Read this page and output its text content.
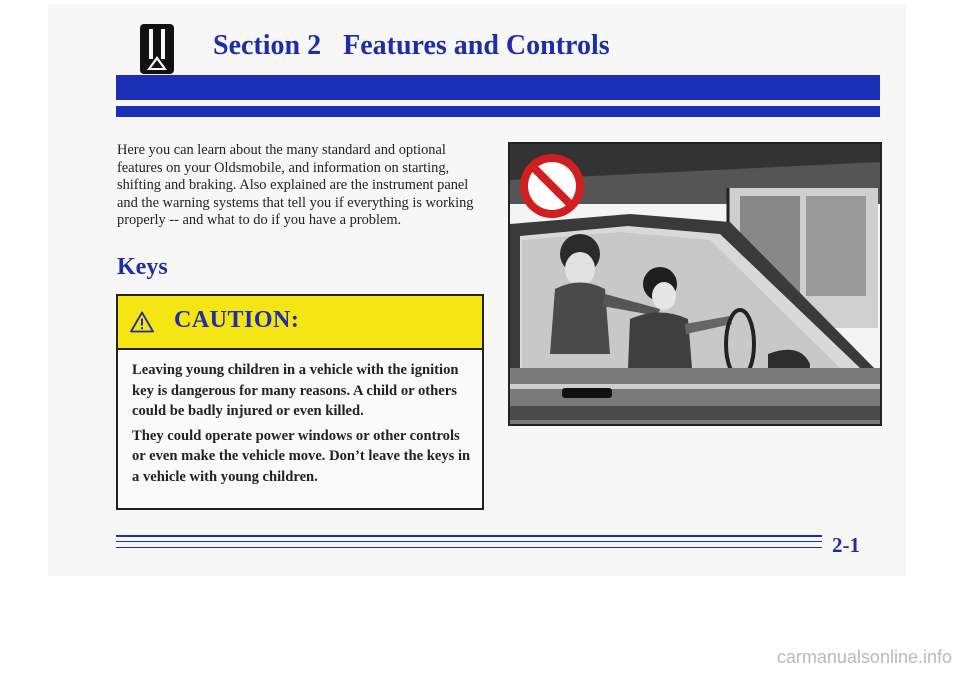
Section 2 Features and Controls
Here you can learn about the many standard and optional features on your Oldsmobile, and information on starting, shifting and braking. Also explained are the instrument panel and the warning systems that tell you if everything is working properly -- and what to do if you have a problem.
Keys
CAUTION:

Leaving young children in a vehicle with the ignition key is dangerous for many reasons. A child or others could be badly injured or even killed.

They could operate power windows or other controls or even make the vehicle move. Don’t leave the keys in a vehicle with young children.

2-1
carmanualsonline.info
